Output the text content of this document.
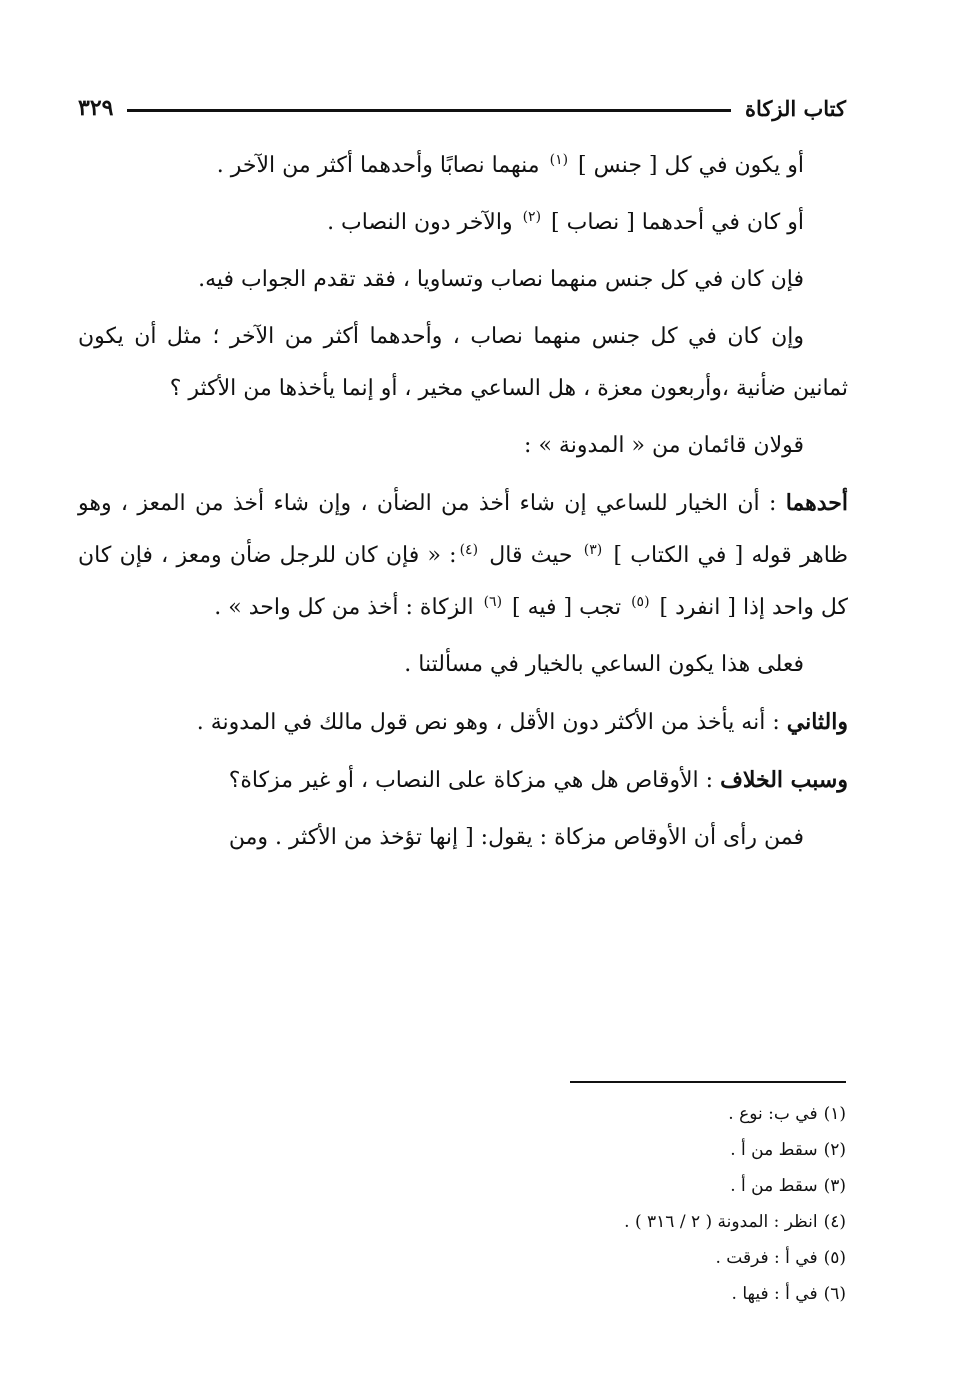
كتاب الزكاة
٣٢٩

أو يكون في كل [ جنس ] $^{(١)}$ منهما نصابًا وأحدهما أكثر من الآخر .

أو كان في أحدهما [ نصاب ] $^{(٢)}$ والآخر دون النصاب .

فإن كان في كل جنس منهما نصاب وتساويا ، فقد تقدم الجواب فيه.

وإن كان في كل جنس منهما نصاب ، وأحدهما أكثر من الآخر ؛ مثل أن يكون ثمانين ضأنية ،وأربعون معزة ، هل الساعي مخير ، أو إنما يأخذها من الأكثر ؟

قولان قائمان من « المدونة » :

أحدهما : أن الخيار للساعي إن شاء أخذ من الضأن ، وإن شاء أخذ من المعز ، وهو ظاهر قوله [ في الكتاب ] $^{(٣)}$ حيث قال $^{(٤)}$: « فإن كان للرجل ضأن ومعز ، فإن كان كل واحد إذا [ انفرد ] $^{(٥)}$ تجب [ فيه ] $^{(٦)}$ الزكاة : أخذ من كل واحد » .

فعلى هذا يكون الساعي بالخيار في مسألتنا .

والثاني : أنه يأخذ من الأكثر دون الأقل ، وهو نص قول مالك في المدونة .

وسبب الخلاف : الأوقاص هل هي مزكاة على النصاب ، أو غير مزكاة؟

فمن رأى أن الأوقاص مزكاة : يقول: [ إنها تؤخذ من الأكثر . ومن

(١)في ب: نوع .

(٢)سقط من أ .

(٣)سقط من أ .

(٤)انظر : المدونة ( ٢ / ٣١٦ ) .

(٥)في أ : فرقت .

(٦)في أ : فيها .
